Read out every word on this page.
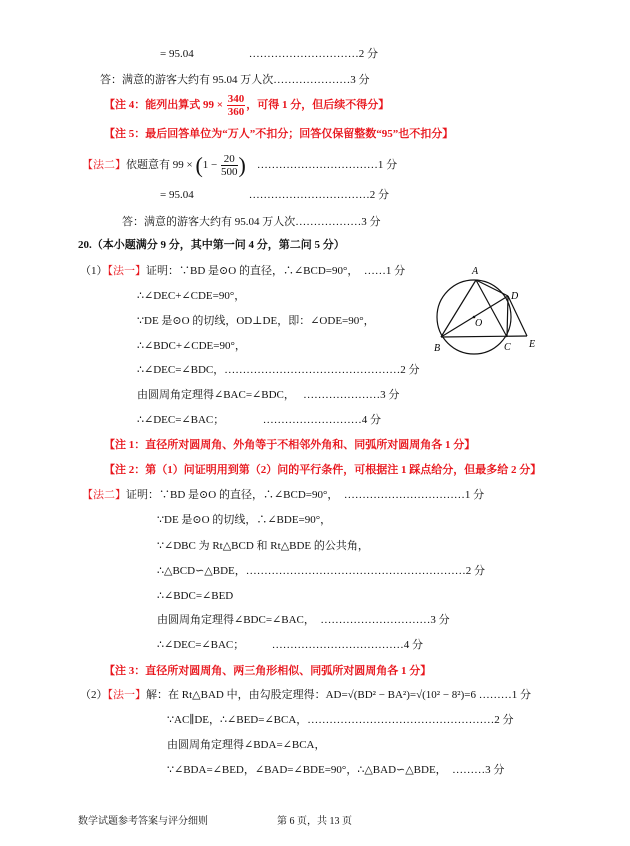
= 95.04　　　　　…………………………2 分
答：满意的游客大约有 95.04 万人次…………………3 分
【注 4：能列出算式 $99 \times \frac{340}{360}$ ，可得 1 分，但后续不得分】
【注 5：最后回答单位为“万人”不扣分；回答仅保留整数“95”也不扣分】
【法二】依题意有 $99 \times (1 - \frac{20}{500}$ )　……………………………1 分
= 95.04　　　　　……………………………2 分
答：满意的游客大约有 95.04 万人次………………3 分
20.（本小题满分 9 分，其中第一问 4 分，第二问 5 分）
（1）【法一】证明：∵BD 是⊙O 的直径，∴∠BCD=90°，　……1 分
∴∠DEC+∠CDE=90°，
∵DE 是⊙O 的切线，OD⊥DE，即：∠ODE=90°，
∴∠BDC+∠CDE=90°，
∴∠DEC=∠BDC，…………………………………………2 分
由圆周角定理得∠BAC=∠BDC，　 …………………3 分
∴∠DEC=∠BAC；　　　　………………………4 分
【注 1：直径所对圆周角、外角等于不相邻外角和、同弧所对圆周角各 1 分】
【注 2：第（1）问证明用到第（2）问的平行条件，可根据注 1 踩点给分，但最多给 2 分】
【法二】证明：∵BD 是⊙O 的直径，∴∠BCD=90°，　……………………………1 分
∵DE 是⊙O 的切线，∴∠BDE=90°，
∵∠DBC 为 Rt△BCD 和 Rt△BDE 的公共角，
∴△BCD∽△BDE，……………………………………………………2 分
∴∠BDC=∠BED
由圆周角定理得∠BDC=∠BAC，　…………………………3 分
∴∠DEC=∠BAC；　　　………………………………4 分
【注 3：直径所对圆周角、两三角形相似、同弧所对圆周角各 1 分】
（2）【法一】解：在 Rt△BAD 中，由勾股定理得：AD=√(BD² − BA²)=√(10² − 8²)=6 ………1 分
∵AC∥DE，∴∠BED=∠BCA，……………………………………………2 分
由圆周角定理得∠BDA=∠BCA，
∵∠BDA=∠BED，∠BAD=∠BDE=90°，∴△BAD∽△BDE，　………3 分
A
D
O
B	C E
数学试题参考答案与评分细则	第 6 页，共 13 页
